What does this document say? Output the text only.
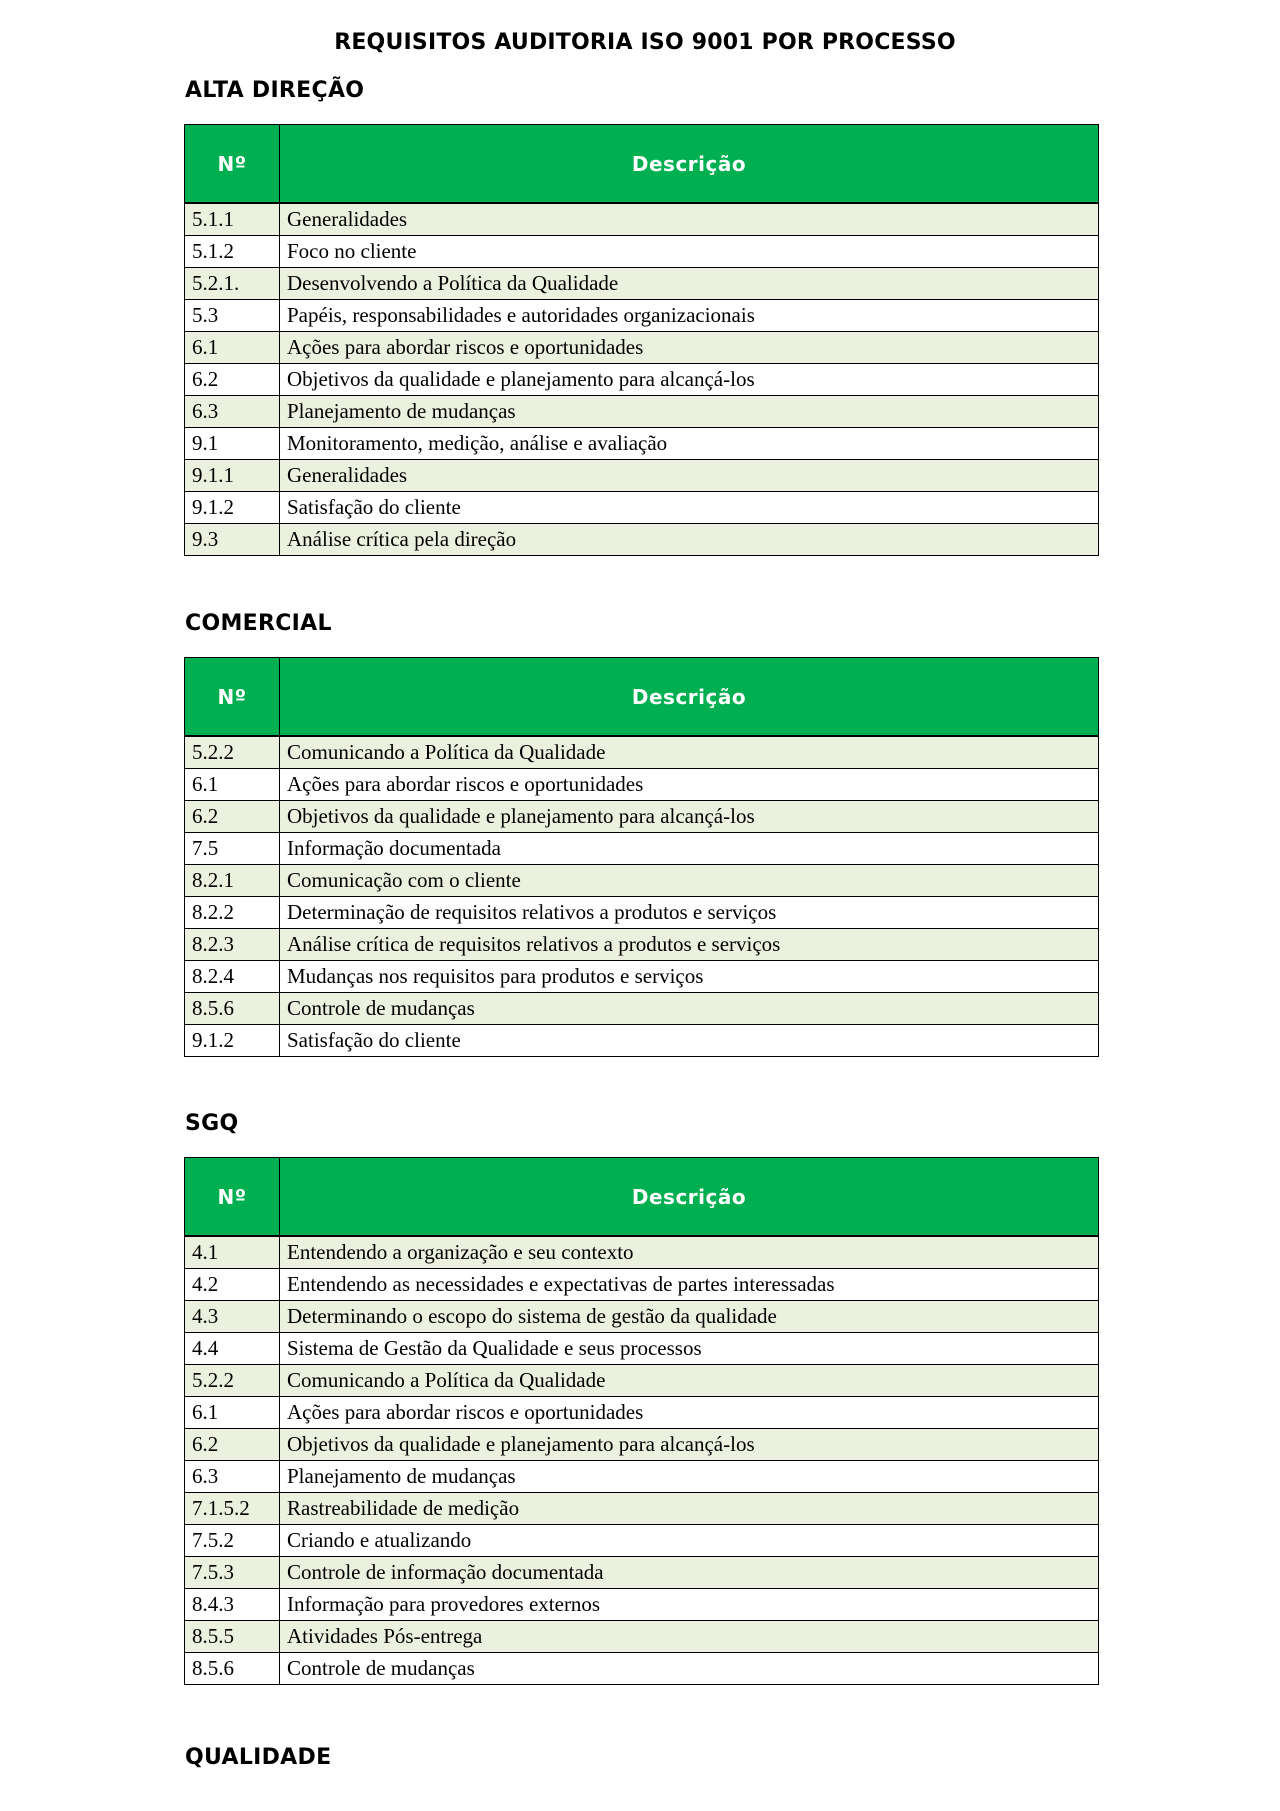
REQUISITOS AUDITORIA ISO 9001 POR PROCESSO
ALTA DIREÇÃO
Nº	Descrição
5.1.1	Generalidades
5.1.2	Foco no cliente
5.2.1.	Desenvolvendo a Política da Qualidade
5.3	Papéis, responsabilidades e autoridades organizacionais
6.1	Ações para abordar riscos e oportunidades
6.2	Objetivos da qualidade e planejamento para alcançá-los
6.3	Planejamento de mudanças
9.1	Monitoramento, medição, análise e avaliação
9.1.1	Generalidades
9.1.2	Satisfação do cliente
9.3	Análise crítica pela direção
COMERCIAL
Nº	Descrição
5.2.2	Comunicando a Política da Qualidade
6.1	Ações para abordar riscos e oportunidades
6.2	Objetivos da qualidade e planejamento para alcançá-los
7.5	Informação documentada
8.2.1	Comunicação com o cliente
8.2.2	Determinação de requisitos relativos a produtos e serviços
8.2.3	Análise crítica de requisitos relativos a produtos e serviços
8.2.4	Mudanças nos requisitos para produtos e serviços
8.5.6	Controle de mudanças
9.1.2	Satisfação do cliente
SGQ
Nº	Descrição
4.1	Entendendo a organização e seu contexto
4.2	Entendendo as necessidades e expectativas de partes interessadas
4.3	Determinando o escopo do sistema de gestão da qualidade
4.4	Sistema de Gestão da Qualidade e seus processos
5.2.2	Comunicando a Política da Qualidade
6.1	Ações para abordar riscos e oportunidades
6.2	Objetivos da qualidade e planejamento para alcançá-los
6.3	Planejamento de mudanças
7.1.5.2	Rastreabilidade de medição
7.5.2	Criando e atualizando
7.5.3	Controle de informação documentada
8.4.3	Informação para provedores externos
8.5.5	Atividades Pós-entrega
8.5.6	Controle de mudanças
QUALIDADE
